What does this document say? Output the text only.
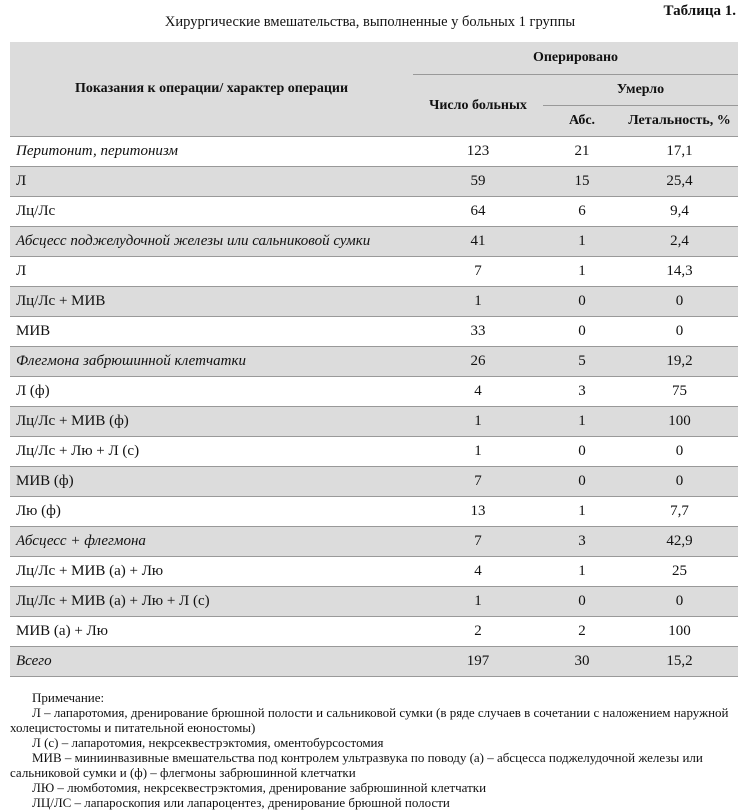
Таблица 1.
Хирургические вмешательства, выполненные у больных 1 группы
Показания к операции/ характер операции	Оперировано		
	Число больных	Умерло	
		Абс.	Летальность, %
Перитонит, перитонизм	123	21	17,1
Л	59	15	25,4
Лц/Лс	64	6	9,4
Абсцесс поджелудочной железы или сальниковой сумки	41	1	2,4
Л	7	1	14,3
Лц/Лс + МИВ	1	0	0
МИВ	33	0	0
Флегмона забрюшинной клетчатки	26	5	19,2
Л (ф)	4	3	75
Лц/Лс + МИВ (ф)	1	1	100
Лц/Лс + Лю + Л (с)	1	0	0
МИВ (ф)	7	0	0
Лю (ф)	13	1	7,7
Абсцесс + флегмона	7	3	42,9
Лц/Лс + МИВ (а) + Лю	4	1	25
Лц/Лс + МИВ (а) + Лю + Л (с)	1	0	0
МИВ (а) + Лю	2	2	100
Всего	197	30	15,2
Примечание:
Л – лапаротомия, дренирование брюшной полости и сальниковой сумки (в ряде случаев в сочетании с наложением наружной холецистостомы и питательной еюностомы)
Л (с) – лапаротомия, некрсеквестрэктомия, оментобурсостомия
МИВ – миниинвазивные вмешательства под контролем ультразвука по поводу (а) – абсцесса поджелудочной железы или сальниковой сумки и (ф) – флегмоны забрюшинной клетчатки
ЛЮ – люмботомия, некрсеквестрэктомия, дренирование забрюшинной клетчатки
ЛЦ/ЛС – лапароскопия или лапароцентез, дренирование брюшной полости
